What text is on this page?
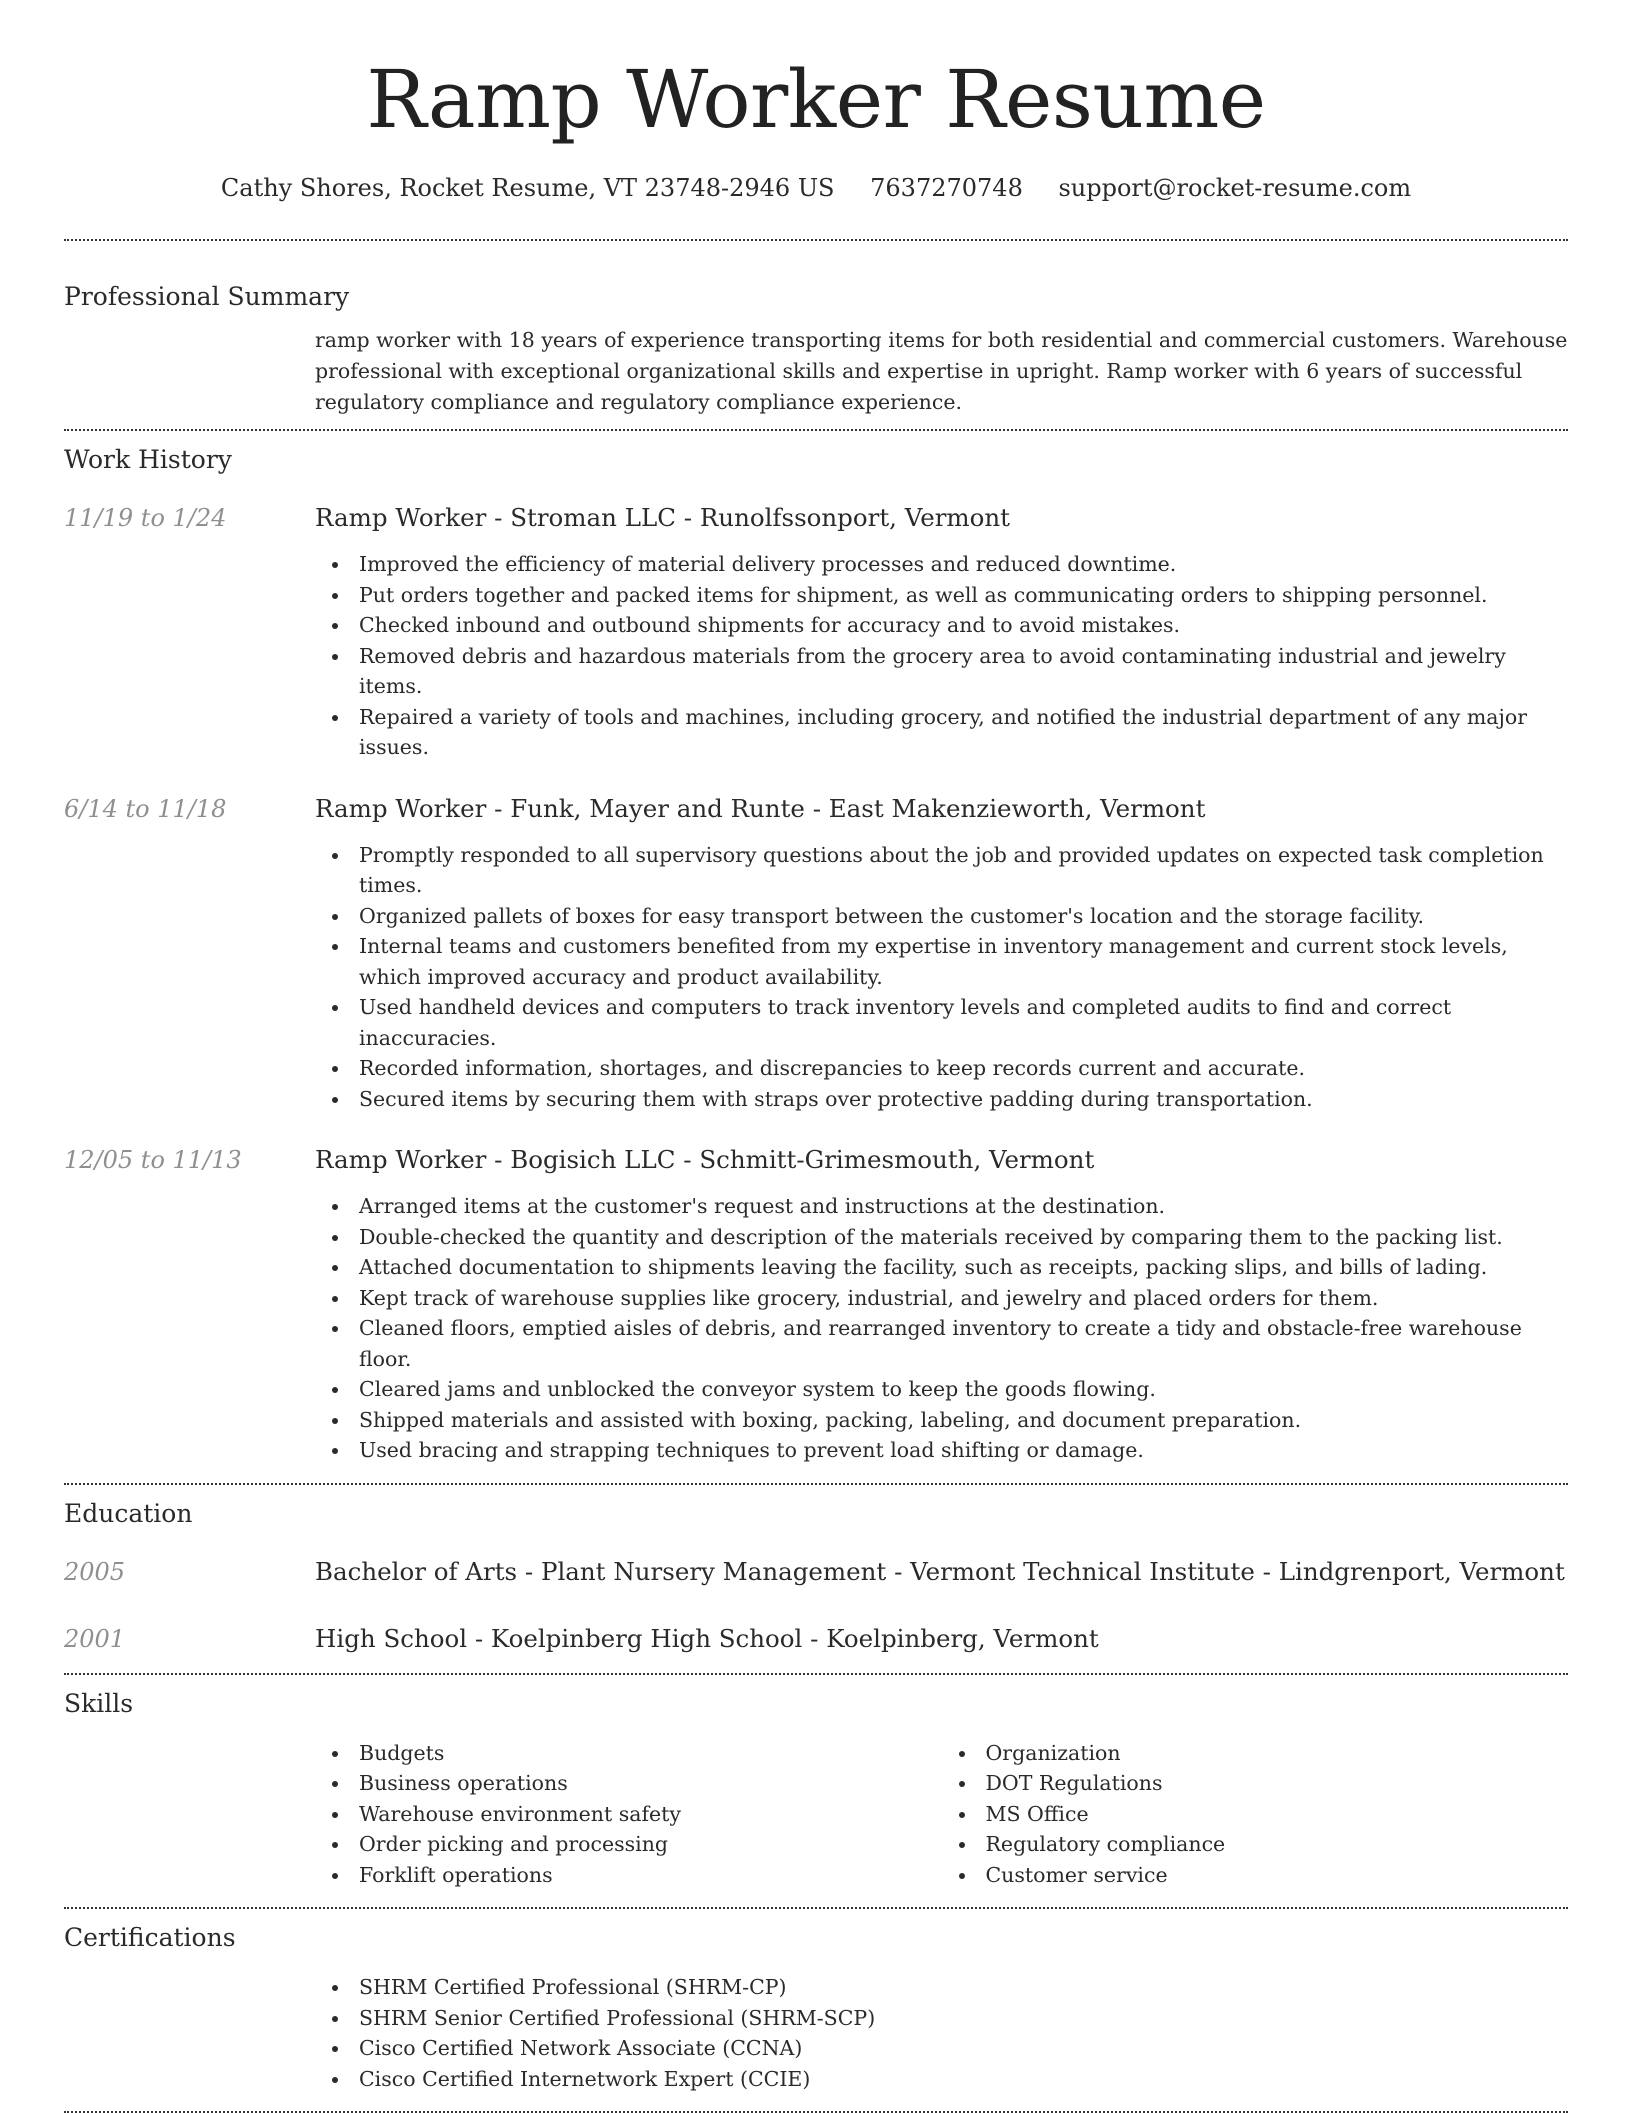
Ramp Worker Resume
Cathy Shores, Rocket Resume, VT 23748-2946 US 7637270748 support@rocket-resume.com
Professional Summary
ramp worker with 18 years of experience transporting items for both residential and commercial customers. Warehouse professional with exceptional organizational skills and expertise in upright. Ramp worker with 6 years of successful regulatory compliance and regulatory compliance experience.
Work History
11/19 to 1/24	Ramp Worker - Stroman LLC - Runolfssonport, Vermont
Improved the efficiency of material delivery processes and reduced downtime.
Put orders together and packed items for shipment, as well as communicating orders to shipping personnel.
Checked inbound and outbound shipments for accuracy and to avoid mistakes.
Removed debris and hazardous materials from the grocery area to avoid contaminating industrial and jewelry items.
Repaired a variety of tools and machines, including grocery, and notified the industrial department of any major issues.
6/14 to 11/18	Ramp Worker - Funk, Mayer and Runte - East Makenzieworth, Vermont
Promptly responded to all supervisory questions about the job and provided updates on expected task completion times.
Organized pallets of boxes for easy transport between the customer's location and the storage facility.
Internal teams and customers benefited from my expertise in inventory management and current stock levels, which improved accuracy and product availability.
Used handheld devices and computers to track inventory levels and completed audits to find and correct inaccuracies.
Recorded information, shortages, and discrepancies to keep records current and accurate.
Secured items by securing them with straps over protective padding during transportation.
12/05 to 11/13	Ramp Worker - Bogisich LLC - Schmitt-Grimesmouth, Vermont
Arranged items at the customer's request and instructions at the destination.
Double-checked the quantity and description of the materials received by comparing them to the packing list.
Attached documentation to shipments leaving the facility, such as receipts, packing slips, and bills of lading.
Kept track of warehouse supplies like grocery, industrial, and jewelry and placed orders for them.
Cleaned floors, emptied aisles of debris, and rearranged inventory to create a tidy and obstacle-free warehouse floor.
Cleared jams and unblocked the conveyor system to keep the goods flowing.
Shipped materials and assisted with boxing, packing, labeling, and document preparation.
Used bracing and strapping techniques to prevent load shifting or damage.
Education
2005	Bachelor of Arts - Plant Nursery Management - Vermont Technical Institute - Lindgrenport, Vermont
2001	High School - Koelpinberg High School - Koelpinberg, Vermont
Skills
Budgets
Business operations
Warehouse environment safety
Order picking and processing
Forklift operations
Organization
DOT Regulations
MS Office
Regulatory compliance
Customer service
Certifications
SHRM Certified Professional (SHRM-CP)
SHRM Senior Certified Professional (SHRM-SCP)
Cisco Certified Network Associate (CCNA)
Cisco Certified Internetwork Expert (CCIE)
